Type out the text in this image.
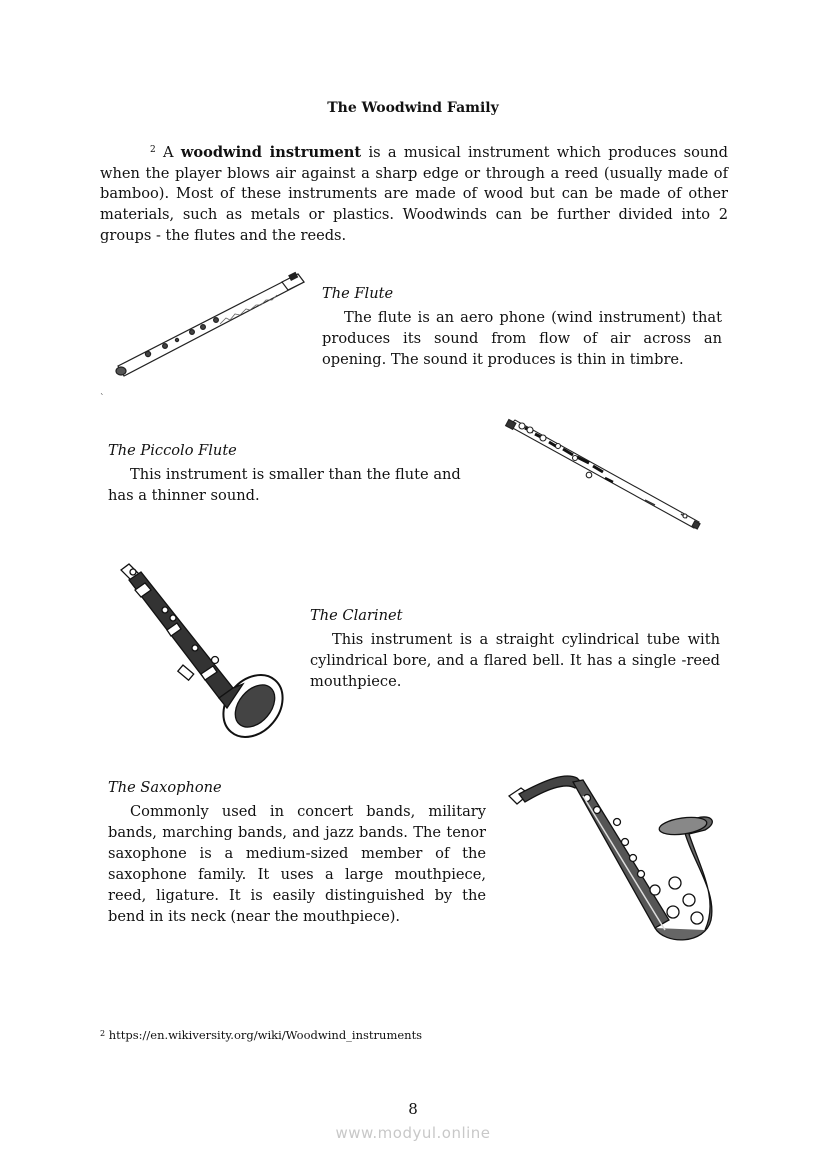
The Woodwind Family
$^2$ A woodwind instrument is a musical instrument which produces sound when the player blows air against a sharp edge or through a reed (usually made of bamboo). Most of these instruments are made of wood but can be made of other materials, such as metals or plastics. Woodwinds can be further divided into 2 groups - the flutes and the reeds.
`
The Flute
The flute is an aero phone (wind instrument) that produces its sound from flow of air across an opening. The sound it produces is thin in timbre.
The Piccolo Flute
This instrument is smaller than the flute and has a thinner sound.
The Clarinet
This instrument is a straight cylindrical tube with cylindrical bore, and a flared bell. It has a single -reed mouthpiece.
The Saxophone
Commonly used in concert bands, military bands, marching bands, and jazz bands. The tenor saxophone is a medium-sized member of the saxophone family. It uses a large mouthpiece, reed, ligature. It is easily distinguished by the bend in its neck (near the mouthpiece).
$^2$ https://en.wikiversity.org/wiki/Woodwind_instruments
8
www.modyul.online
